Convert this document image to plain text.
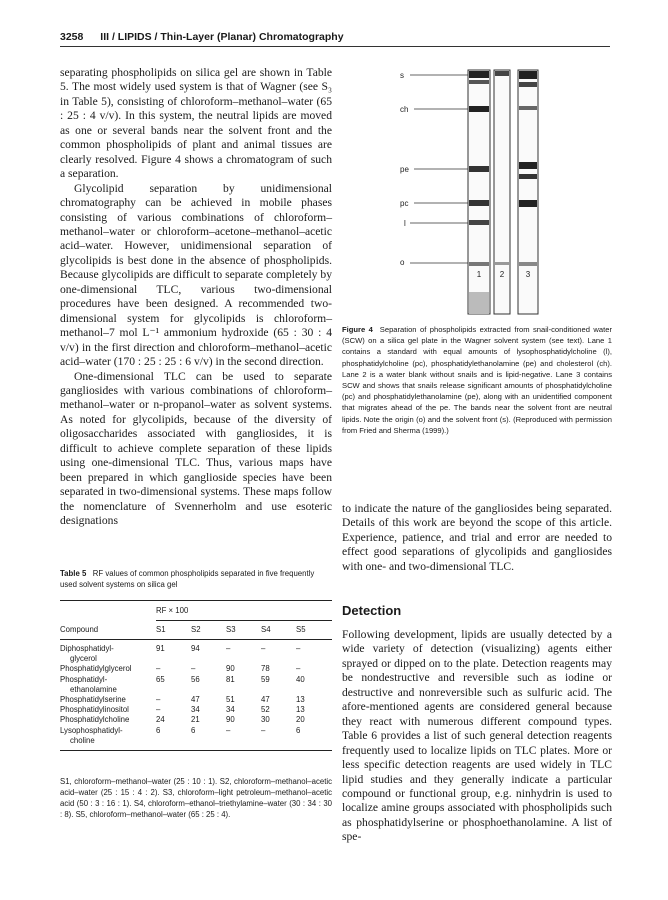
3258 III / LIPIDS / Thin-Layer (Planar) Chromatography

separating phospholipids on silica gel are shown in Table 5. The most widely used system is that of Wagner (see S₃ in Table 5), consisting of chloroform–methanol–water (65 : 25 : 4 v/v). In this system, the neutral lipids are moved as one or several bands near the solvent front and the common phospholipids of plant and animal tissues are clearly resolved. Figure 4 shows a chromatogram of such a separation.

Glycolipid separation by unidimensional chromatography can be achieved in mobile phases consisting of various combinations of chloroform–methanol–water or chloroform–acetone–methanol–acetic acid–water. However, unidimensional separation of glycolipids is best done in the absence of phospholipids. Because glycolipids are difficult to separate completely by one-dimensional TLC, various two-dimensional procedures have been designed. A recommended two-dimensional system for glycolipids is chloroform–methanol–7 mol L⁻¹ ammonium hydroxide (65 : 30 : 4 v/v) in the first direction and chloroform–methanol–acetic acid–water (170 : 25 : 25 : 6 v/v) in the second direction.

One-dimensional TLC can be used to separate gangliosides with various combinations of chloroform–methanol–water or n-propanol–water as solvent systems. As noted for glycolipids, because of the diversity of oligosaccharides associated with gangliosides, it is difficult to achieve complete separation of these lipids using one-dimensional TLC. Thus, various maps have been prepared in which ganglioside species have been separated in two-dimensional systems. These maps follow the nomenclature of Svennerholm and use esoteric designations

s
ch
pe
pc
l
o
1 2	3
Figure 4 Separation of phospholipids extracted from snail-conditioned water (SCW) on a silica gel plate in the Wagner solvent system (see text). Lane 1 contains a standard with equal amounts of lysophosphatidylcholine (l), phosphatidylcholine (pc), phosphatidylethanolamine (pe) and cholesterol (ch). Lane 2 is a water blank without snails and is lipid-negative. Lane 3 contains SCW and shows that snails release significant amounts of phosphatidylcholine (pc) and phosphatidylethanolamine (pe), along with an unidentified component that migrates ahead of the pe. The bands near the solvent front are neutral lipids. Note the origin (o) and the solvent front (s). (Reproduced with permission from Fried and Sherma (1999).)

to indicate the nature of the gangliosides being separated. Details of this work are beyond the scope of this article. Experience, patience, and trial and error are needed to effect good separations of glycolipids and gangliosides with one- and two-dimensional TLC.

Detection

Following development, lipids are usually detected by a wide variety of detection (visualizing) agents either sprayed or dipped on to the plate. Detection reagents may be nondestructive and reversible such as iodine or destructive and nonreversible such as sulfuric acid. The afore-mentioned agents are considered general because they react with numerous different compound types. Table 6 provides a list of such general detection reagents frequently used to localize lipids on TLC plates. More or less specific detection reagents are used widely in TLC lipid studies and they generally indicate a particular compound or functional group, e.g. ninhydrin is used to localize amine groups associated with phospholipids such as phosphatidylserine or phosphoethanolamine. A list of spe-

Table 5 RF values of common phospholipids separated in five frequently used solvent systems on silica gel
RF × 100
Compound	S1	S2	S3	S4	S5
Diphosphatidyl-
glycerol
91	94	–	–	–
Phosphatidylglycerol	–	–	90	78	–
Phosphatidyl-
ethanolamine
65	56	81	59	40
Phosphatidylserine	–	47	51	47	13
Phosphatidylinositol	–	34	34	52	13
Phosphatidylcholine	24	21	90	30	20
Lysophosphatidyl-
choline
6	6	–	–	6
S1, chloroform–methanol–water (25 : 10 : 1). S2, chloroform–methanol–acetic acid–water (25 : 15 : 4 : 2). S3, chloroform–light petroleum–methanol–acetic acid (50 : 3 : 16 : 1). S4, chloroform–ethanol–triethylamine–water (30 : 34 : 30 : 8). S5, chloroform–methanol–water (65 : 25 : 4).
